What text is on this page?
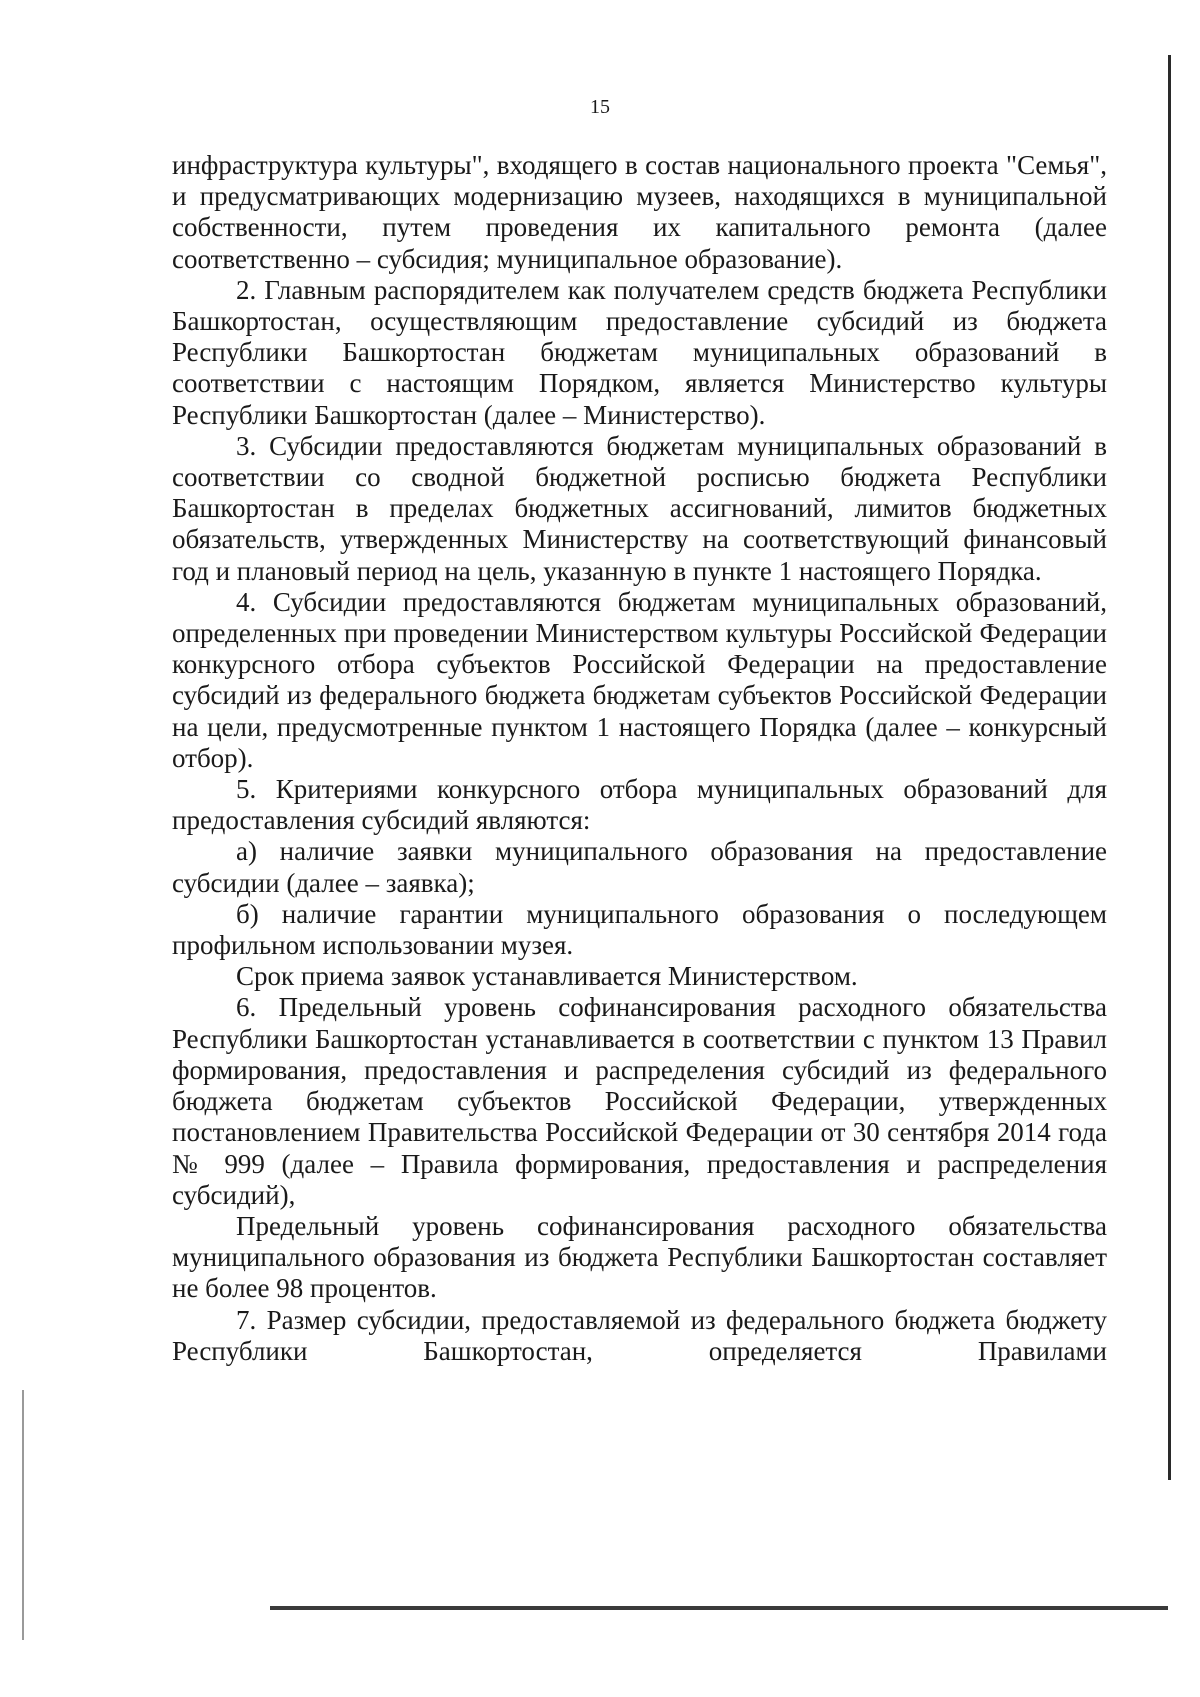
15

инфраструктура культуры", входящего в состав национального проекта "Семья", и предусматривающих модернизацию музеев, находящихся в муниципальной собственности, путем проведения их капитального ремонта (далее соответственно – субсидия; муниципальное образование).

2. Главным распорядителем как получателем средств бюджета Республики Башкортостан, осуществляющим предоставление субсидий из бюджета Республики Башкортостан бюджетам муниципальных образований в соответствии с настоящим Порядком, является Министерство культуры Республики Башкортостан (далее – Министерство).

3. Субсидии предоставляются бюджетам муниципальных образований в соответствии со сводной бюджетной росписью бюджета Республики Башкортостан в пределах бюджетных ассигнований, лимитов бюджетных обязательств, утвержденных Министерству на соответствующий финансовый год и плановый период на цель, указанную в пункте 1 настоящего Порядка.

4. Субсидии предоставляются бюджетам муниципальных образований, определенных при проведении Министерством культуры Российской Федерации конкурсного отбора субъектов Российской Федерации на предоставление субсидий из федерального бюджета бюджетам субъектов Российской Федерации на цели, предусмотренные пунктом 1 настоящего Порядка (далее – конкурсный отбор).

5. Критериями конкурсного отбора муниципальных образований для предоставления субсидий являются:

а) наличие заявки муниципального образования на предоставление субсидии (далее – заявка);

б) наличие гарантии муниципального образования о последующем профильном использовании музея.

Срок приема заявок устанавливается Министерством.

6. Предельный уровень софинансирования расходного обязательства Республики Башкортостан устанавливается в соответствии с пунктом 13 Правил формирования, предоставления и распределения субсидий из федерального бюджета бюджетам субъектов Российской Федерации, утвержденных постановлением Правительства Российской Федерации от 30 сентября 2014 года № 999 (далее – Правила формирования, предоставления и распределения субсидий),

Предельный уровень софинансирования расходного обязательства муниципального образования из бюджета Республики Башкортостан составляет не более 98 процентов.

7. Размер субсидии, предоставляемой из федерального бюджета бюджету Республики Башкортостан, определяется Правилами
